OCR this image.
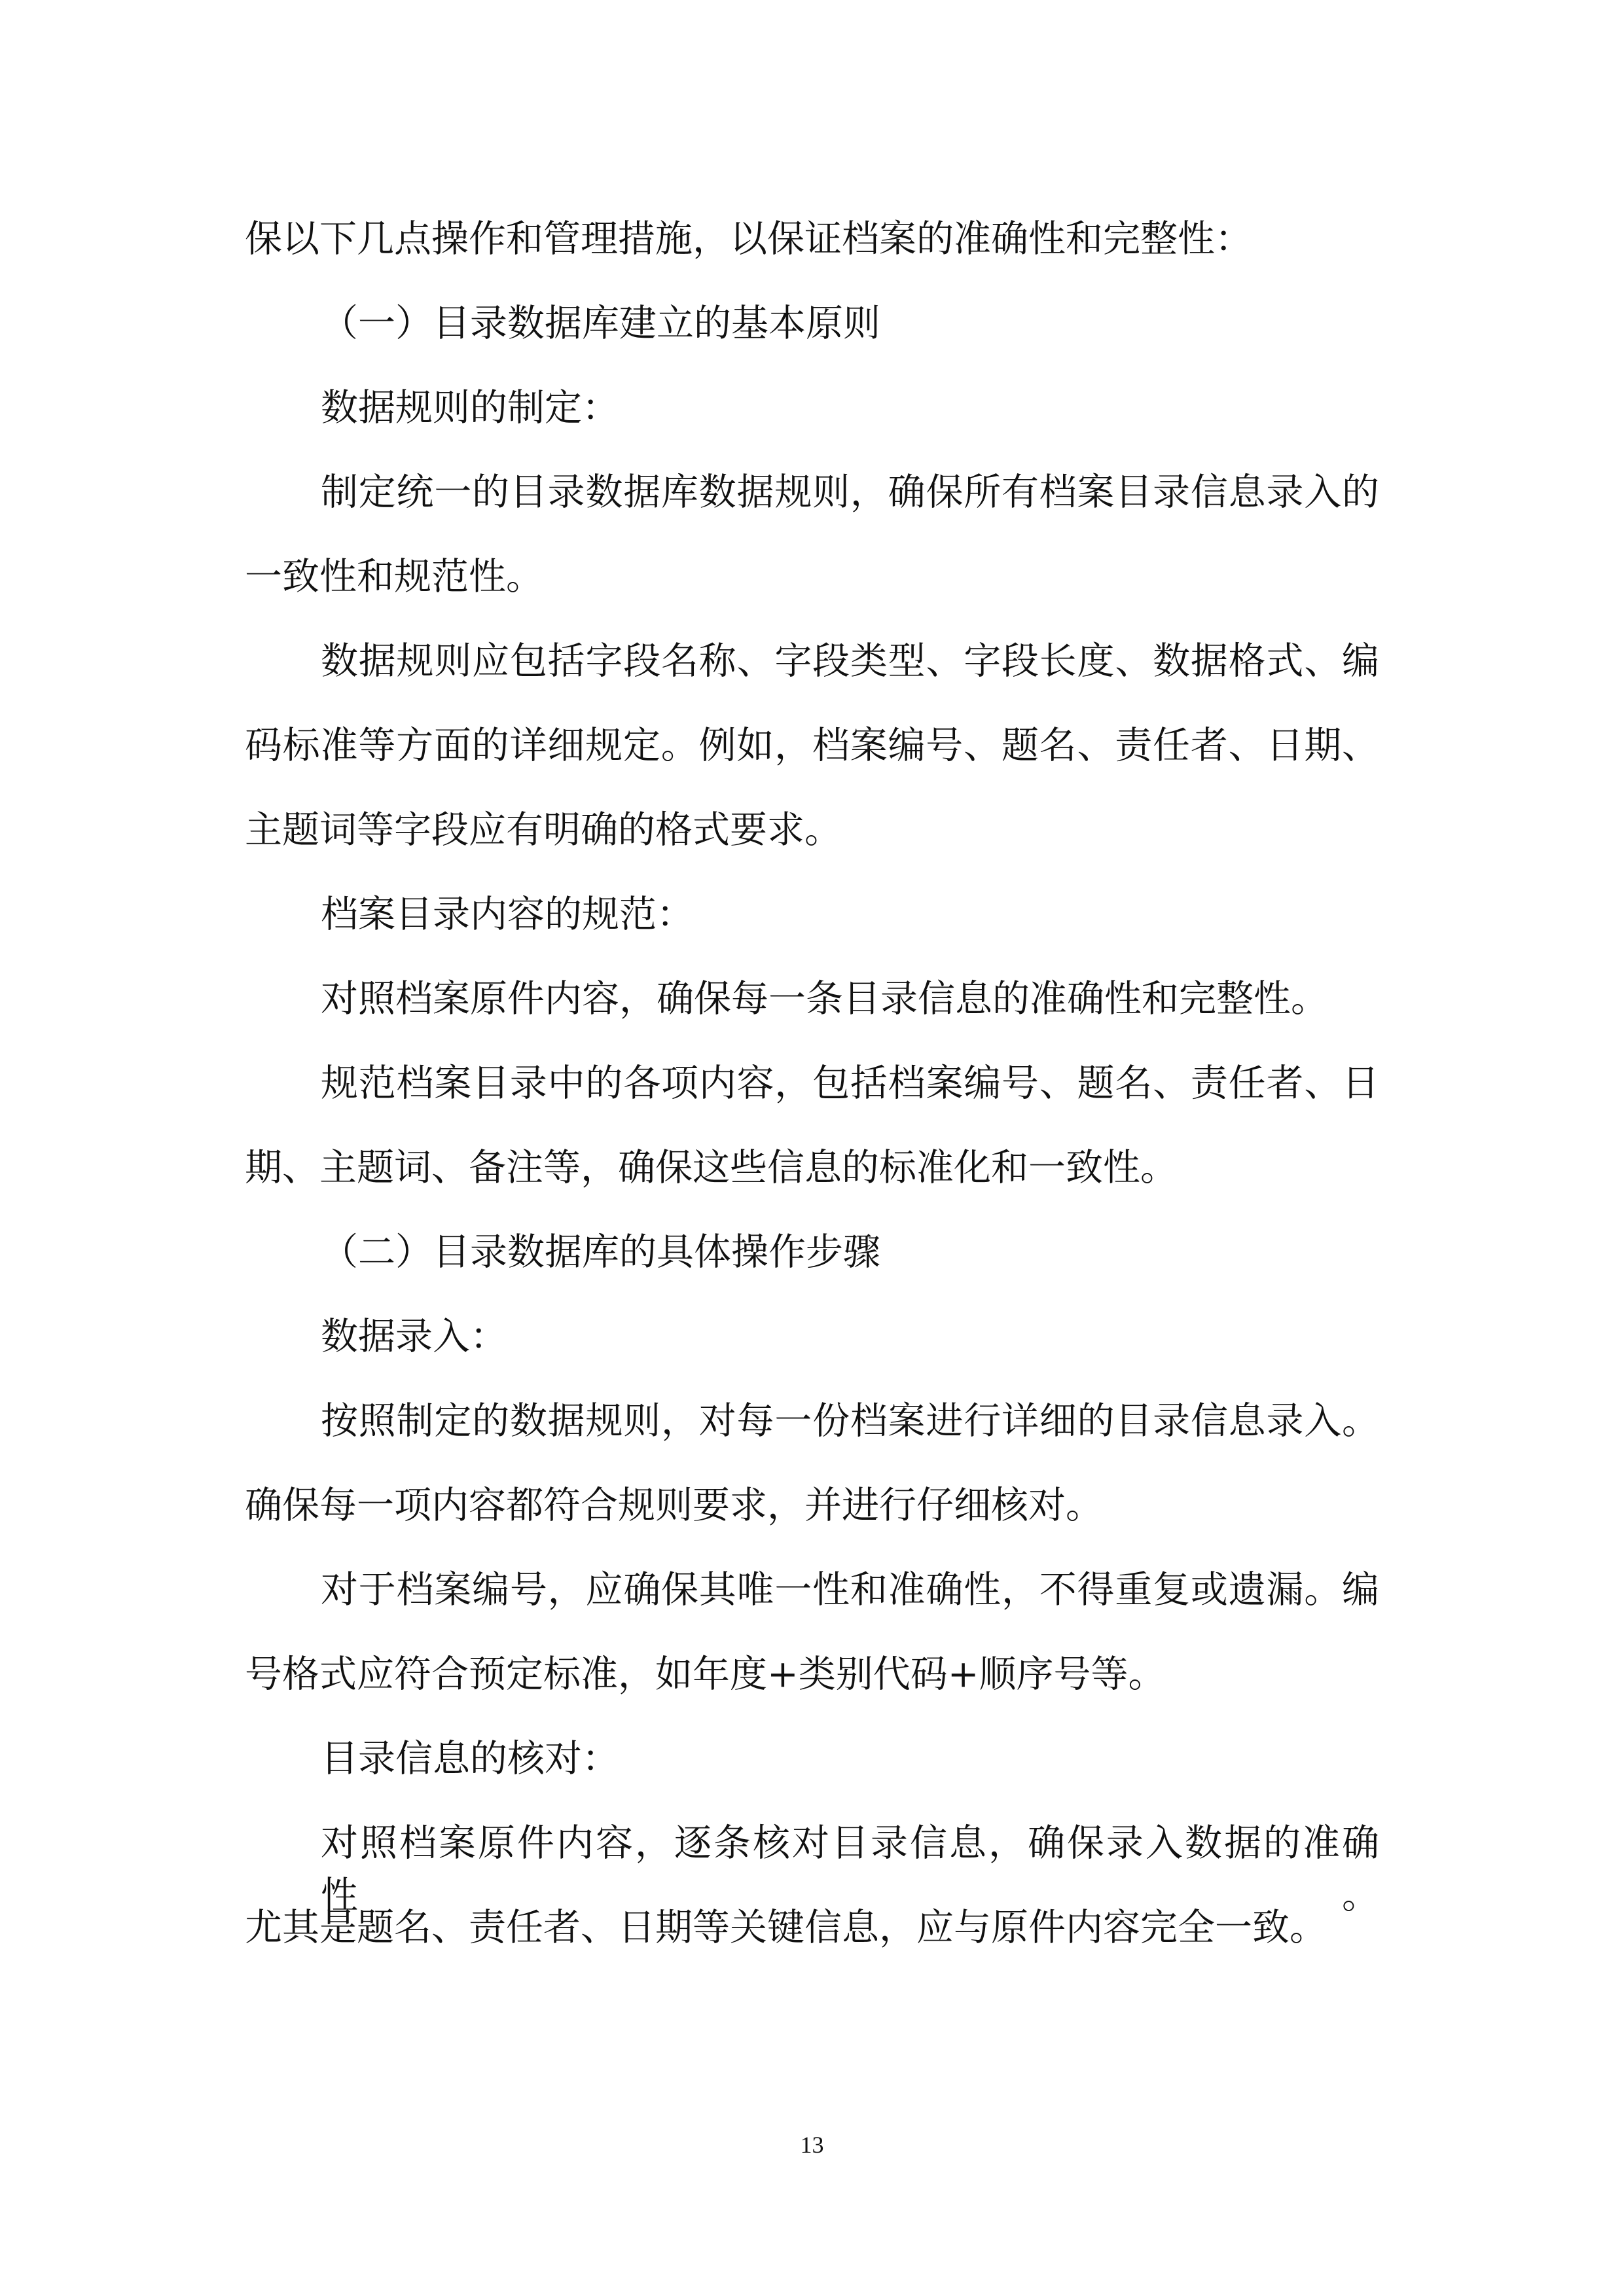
保以下几点操作和管理措施，以保证档案的准确性和完整性：

（一）目录数据库建立的基本原则

数据规则的制定：

制定统一的目录数据库数据规则，确保所有档案目录信息录入的

一致性和规范性。

数据规则应包括字段名称、字段类型、字段长度、数据格式、编

码标准等方面的详细规定。例如，档案编号、题名、责任者、日期、

主题词等字段应有明确的格式要求。

档案目录内容的规范：

对照档案原件内容，确保每一条目录信息的准确性和完整性。

规范档案目录中的各项内容，包括档案编号、题名、责任者、日

期、主题词、备注等，确保这些信息的标准化和一致性。

（二）目录数据库的具体操作步骤

数据录入：

按照制定的数据规则，对每一份档案进行详细的目录信息录入。

确保每一项内容都符合规则要求，并进行仔细核对。

对于档案编号，应确保其唯一性和准确性，不得重复或遗漏。编

号格式应符合预定标准，如年度+类别代码+顺序号等。

目录信息的核对：

对照档案原件内容，逐条核对目录信息，确保录入数据的准确性。

尤其是题名、责任者、日期等关键信息，应与原件内容完全一致。

13
